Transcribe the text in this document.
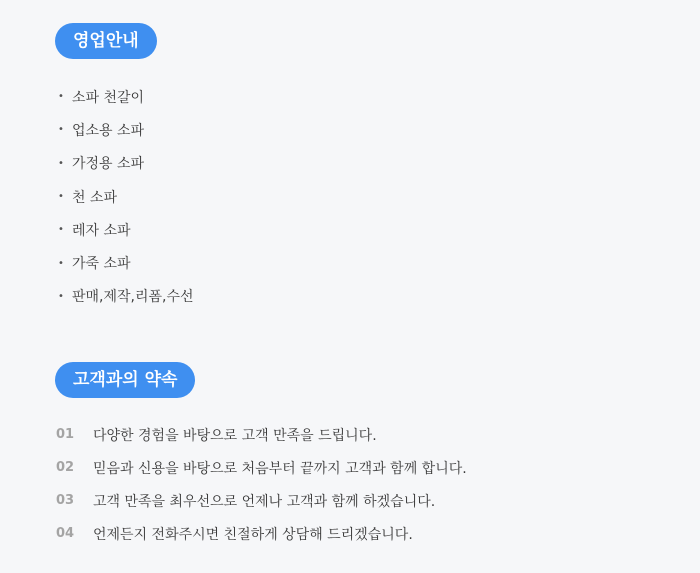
영업안내
• 소파 천갈이
• 업소용 소파
• 가정용 소파
• 천 소파
• 레자 소파
• 가죽 소파
• 판매,제작,리폼,수선
고객과의 약속
01	다양한 경험을 바탕으로 고객 만족을 드립니다.
02	믿음과 신용을 바탕으로 처음부터 끝까지 고객과 함께 합니다.
03	고객 만족을 최우선으로 언제나 고객과 함께 하겠습니다.
04	언제든지 전화주시면 친절하게 상담해 드리겠습니다.
